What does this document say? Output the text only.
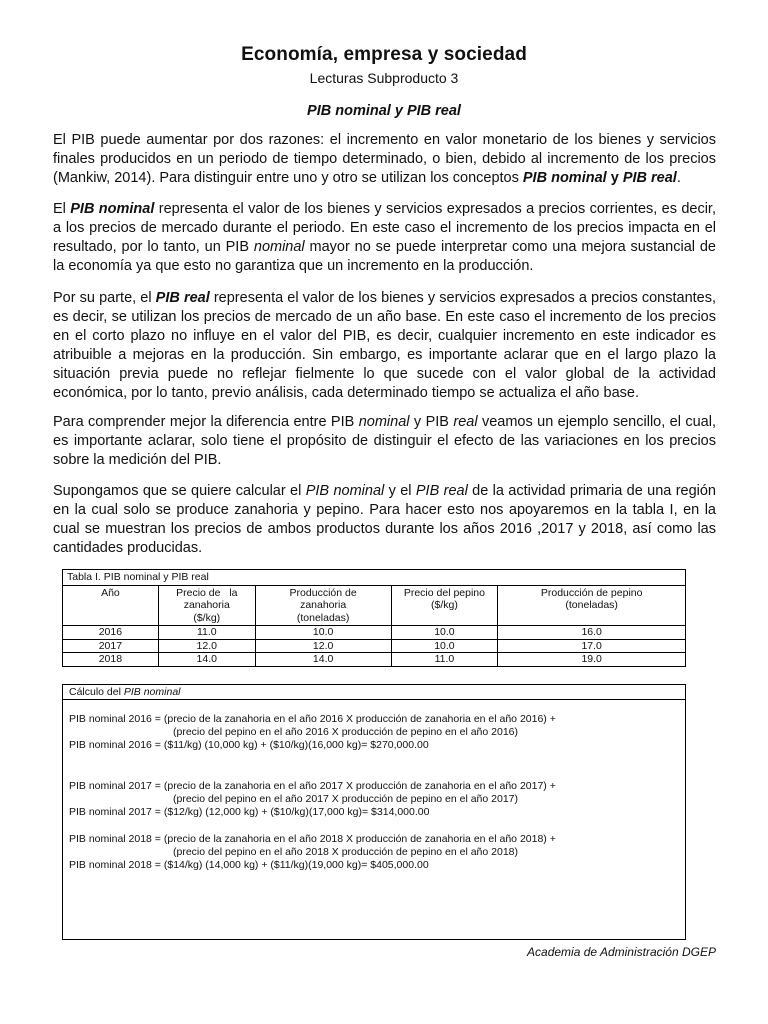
Economía, empresa y sociedad
Lecturas Subproducto 3
PIB nominal y PIB real

El PIB puede aumentar por dos razones: el incremento en valor monetario de los bienes y servicios finales producidos en un periodo de tiempo determinado, o bien, debido al incremento de los precios (Mankiw, 2014). Para distinguir entre uno y otro se utilizan los conceptos PIB nominal y PIB real.

El PIB nominal representa el valor de los bienes y servicios expresados a precios corrientes, es decir, a los precios de mercado durante el periodo. En este caso el incremento de los precios impacta en el resultado, por lo tanto, un PIB nominal mayor no se puede interpretar como una mejora sustancial de la economía ya que esto no garantiza que un incremento en la producción.

Por su parte, el PIB real representa el valor de los bienes y servicios expresados a precios constantes, es decir, se utilizan los precios de mercado de un año base. En este caso el incremento de los precios en el corto plazo no influye en el valor del PIB, es decir, cualquier incremento en este indicador es atribuible a mejoras en la producción. Sin embargo, es importante aclarar que en el largo plazo la situación previa puede no reflejar fielmente lo que sucede con el valor global de la actividad económica, por lo tanto, previo análisis, cada determinado tiempo se actualiza el año base.

Para comprender mejor la diferencia entre PIB nominal y PIB real veamos un ejemplo sencillo, el cual, es importante aclarar, solo tiene el propósito de distinguir el efecto de las variaciones en los precios sobre la medición del PIB.

Supongamos que se quiere calcular el PIB nominal y el PIB real de la actividad primaria de una región en la cual solo se produce zanahoria y pepino. Para hacer esto nos apoyaremos en la tabla I, en la cual se muestran los precios de ambos productos durante los años 2016 ,2017 y 2018, así como las cantidades producidas.

Tabla I. PIB nominal y PIB real				
Año	Precio de   la
zanahoria
($/kg)	Producción de
zanahoria
(toneladas)	Precio del pepino
($/kg)	Producción de pepino
(toneladas)
2016	11.0	10.0	10.0	16.0
2017	12.0	12.0	10.0	17.0
2018	14.0	14.0	11.0	19.0
Cálculo del PIB nominal
PIB nominal 2016 = (precio de la zanahoria en el año 2016 X producción de zanahoria en el año 2016) +
(precio del pepino en el año 2016 X producción de pepino en el año 2016)
PIB nominal 2016 = ($11/kg) (10,000 kg) + ($10/kg)(16,000 kg)= $270,000.00
PIB nominal 2017 = (precio de la zanahoria en el año 2017 X producción de zanahoria en el año 2017) +
(precio del pepino en el año 2017 X producción de pepino en el año 2017)
PIB nominal 2017 = ($12/kg) (12,000 kg) + ($10/kg)(17,000 kg)= $314,000.00
PIB nominal 2018 = (precio de la zanahoria en el año 2018 X producción de zanahoria en el año 2018) +
(precio del pepino en el año 2018 X producción de pepino en el año 2018)
PIB nominal 2018 = ($14/kg) (14,000 kg) + ($11/kg)(19,000 kg)= $405,000.00
Academia de Administración DGEP
